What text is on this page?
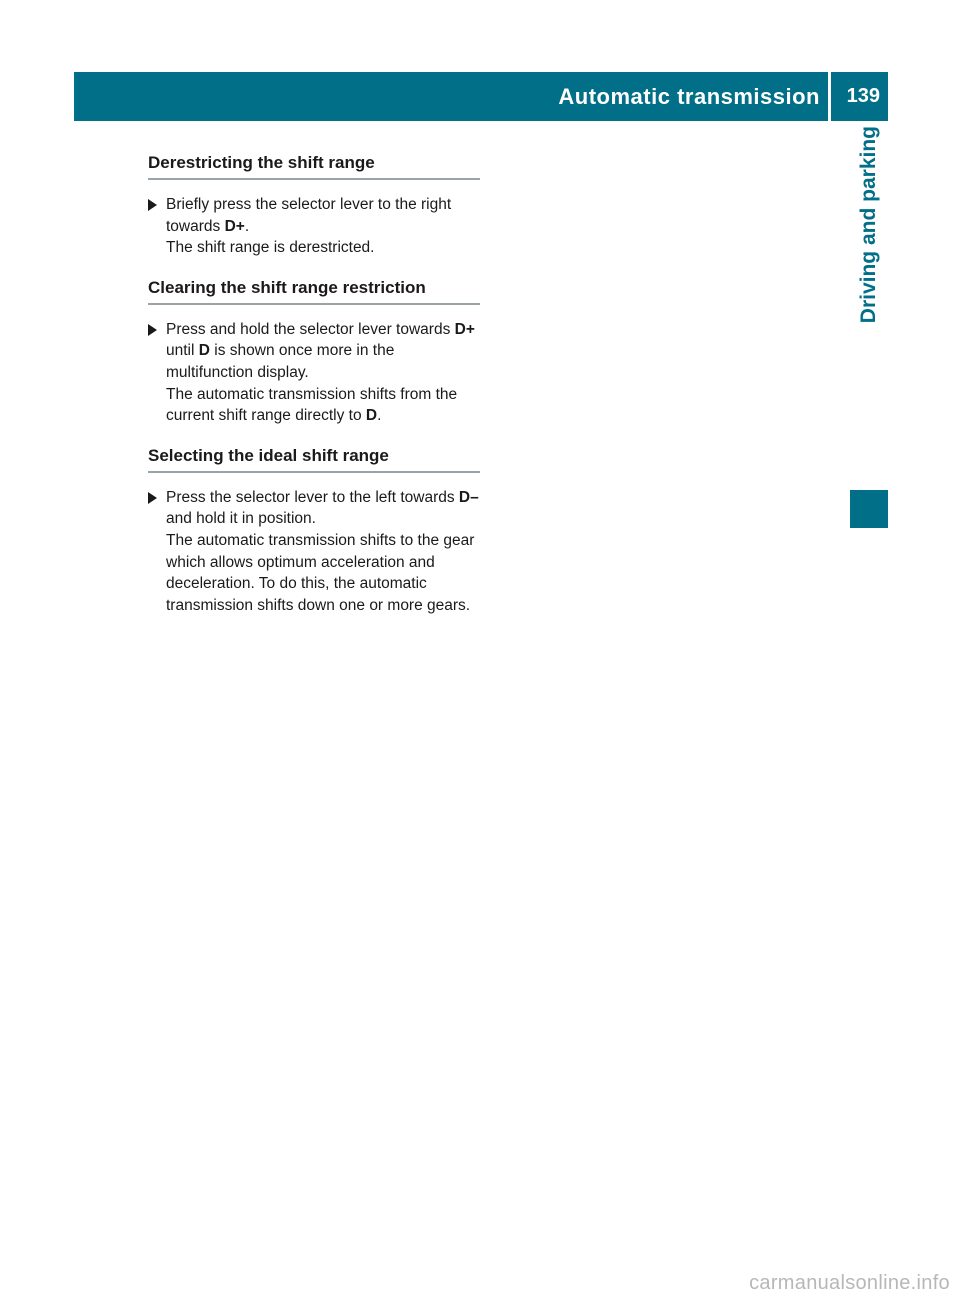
Automatic transmission 139
Driving and parking
Derestricting the shift range

Briefly press the selector lever to the right towards D+.

The shift range is derestricted.

Clearing the shift range restriction

Press and hold the selector lever towards D+ until D is shown once more in the multifunction display.

The automatic transmission shifts from the current shift range directly to D.

Selecting the ideal shift range

Press the selector lever to the left towards D– and hold it in position.

The automatic transmission shifts to the gear which allows optimum acceleration and deceleration. To do this, the automatic transmission shifts down one or more gears.

carmanualsonline.info
